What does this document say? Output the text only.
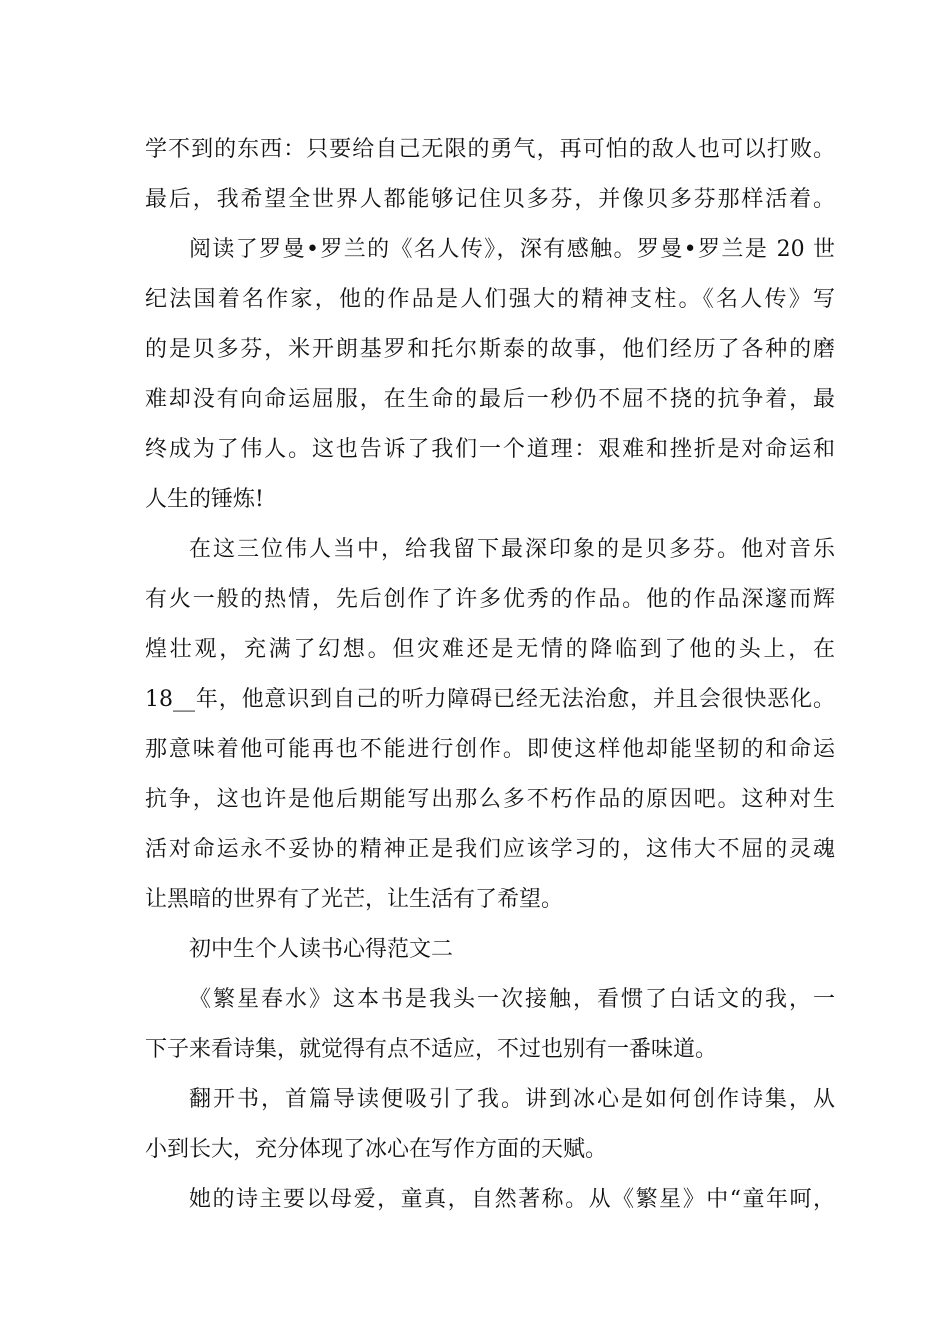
学不到的东西：只要给自己无限的勇气，再可怕的敌人也可以打败。
最后，我希望全世界人都能够记住贝多芬，并像贝多芬那样活着。
阅读了罗曼•罗兰的《名人传》，深有感触。罗曼•罗兰是 20 世
纪法国着名作家，他的作品是人们强大的精神支柱。《名人传》写
的是贝多芬，米开朗基罗和托尔斯泰的故事，他们经历了各种的磨
难却没有向命运屈服，在生命的最后一秒仍不屈不挠的抗争着，最
终成为了伟人。这也告诉了我们一个道理：艰难和挫折是对命运和
人生的锤炼!
在这三位伟人当中，给我留下最深印象的是贝多芬。他对音乐
有火一般的热情，先后创作了许多优秀的作品。他的作品深邃而辉
煌壮观，充满了幻想。但灾难还是无情的降临到了他的头上，在
18__年，他意识到自己的听力障碍已经无法治愈，并且会很快恶化。
那意味着他可能再也不能进行创作。即使这样他却能坚韧的和命运
抗争，这也许是他后期能写出那么多不朽作品的原因吧。这种对生
活对命运永不妥协的精神正是我们应该学习的，这伟大不屈的灵魂
让黑暗的世界有了光芒，让生活有了希望。
初中生个人读书心得范文二
《繁星春水》这本书是我头一次接触，看惯了白话文的我，一
下子来看诗集，就觉得有点不适应，不过也别有一番味道。
翻开书，首篇导读便吸引了我。讲到冰心是如何创作诗集，从
小到长大，充分体现了冰心在写作方面的天赋。
她的诗主要以母爱，童真，自然著称。从《繁星》中“童年呵，
